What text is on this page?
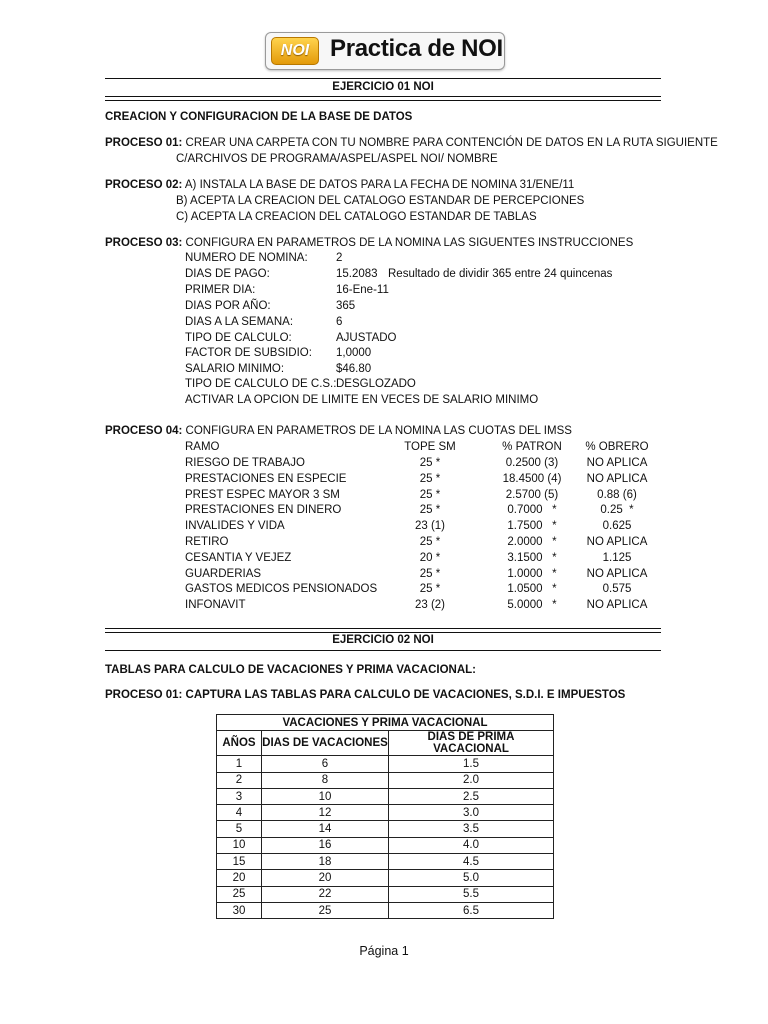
NOI Practica de NOI
EJERCICIO 01 NOI
CREACION Y CONFIGURACION DE LA BASE DE DATOS
PROCESO 01: CREAR UNA CARPETA CON TU NOMBRE PARA CONTENCIÓN DE DATOS EN LA RUTA SIGUIENTE
C/ARCHIVOS DE PROGRAMA/ASPEL/ASPEL NOI/ NOMBRE
PROCESO 02: A) INSTALA LA BASE DE DATOS PARA LA FECHA DE NOMINA 31/ENE/11
B) ACEPTA LA CREACION DEL CATALOGO ESTANDAR DE PERCEPCIONES
C) ACEPTA LA CREACION DEL CATALOGO ESTANDAR DE TABLAS
PROCESO 03: CONFIGURA EN PARAMETROS DE LA NOMINA LAS SIGUENTES INSTRUCCIONES
NUMERO DE NOMINA: 2
DIAS DE PAGO:	15.2083 Resultado de dividir 365 entre 24 quincenas
PRIMER DIA:	16-Ene-11
DIAS POR AÑO:	365
DIAS A LA SEMANA:	6
TIPO DE CALCULO:	AJUSTADO
FACTOR DE SUBSIDIO: 1,0000
SALARIO MINIMO:	$46.80
TIPO DE CALCULO DE C.S.: DESGLOZADO
ACTIVAR LA OPCION DE LIMITE EN VECES DE SALARIO MINIMO
PROCESO 04: CONFIGURA EN PARAMETROS DE LA NOMINA LAS CUOTAS DEL IMSS
RAMO	TOPE SM	% PATRON	% OBRERO
RIESGO DE TRABAJO	25 *	0.2500 (3)	NO APLICA
PRESTACIONES EN ESPECIE	25 *	18.4500 (4)	NO APLICA
PREST ESPEC MAYOR 3 SM	25 *	2.5700 (5)	0.88 (6)
PRESTACIONES EN DINERO	25 *	0.7000   *	0.25  *
INVALIDES Y VIDA	23 (1)	1.7500   *	0.625
RETIRO	25 *	2.0000   *	NO APLICA
CESANTIA Y VEJEZ	20 *	3.1500   *	1.125
GUARDERIAS	25 *	1.0000   *	NO APLICA
GASTOS MEDICOS PENSIONADOS	25 *	1.0500   *	0.575
INFONAVIT	23 (2)	5.0000   *	NO APLICA
EJERCICIO 02 NOI
TABLAS PARA CALCULO DE VACACIONES Y PRIMA VACACIONAL:
PROCESO 01: CAPTURA LAS TABLAS PARA CALCULO DE VACACIONES, S.D.I. E IMPUESTOS
VACACIONES Y PRIMA VACACIONAL		
AÑOS	DIAS DE VACACIONES	DIAS DE PRIMA VACACIONAL
1	6	1.5
2	8	2.0
3	10	2.5
4	12	3.0
5	14	3.5
10	16	4.0
15	18	4.5
20	20	5.0
25	22	5.5
30	25	6.5
Página 1
